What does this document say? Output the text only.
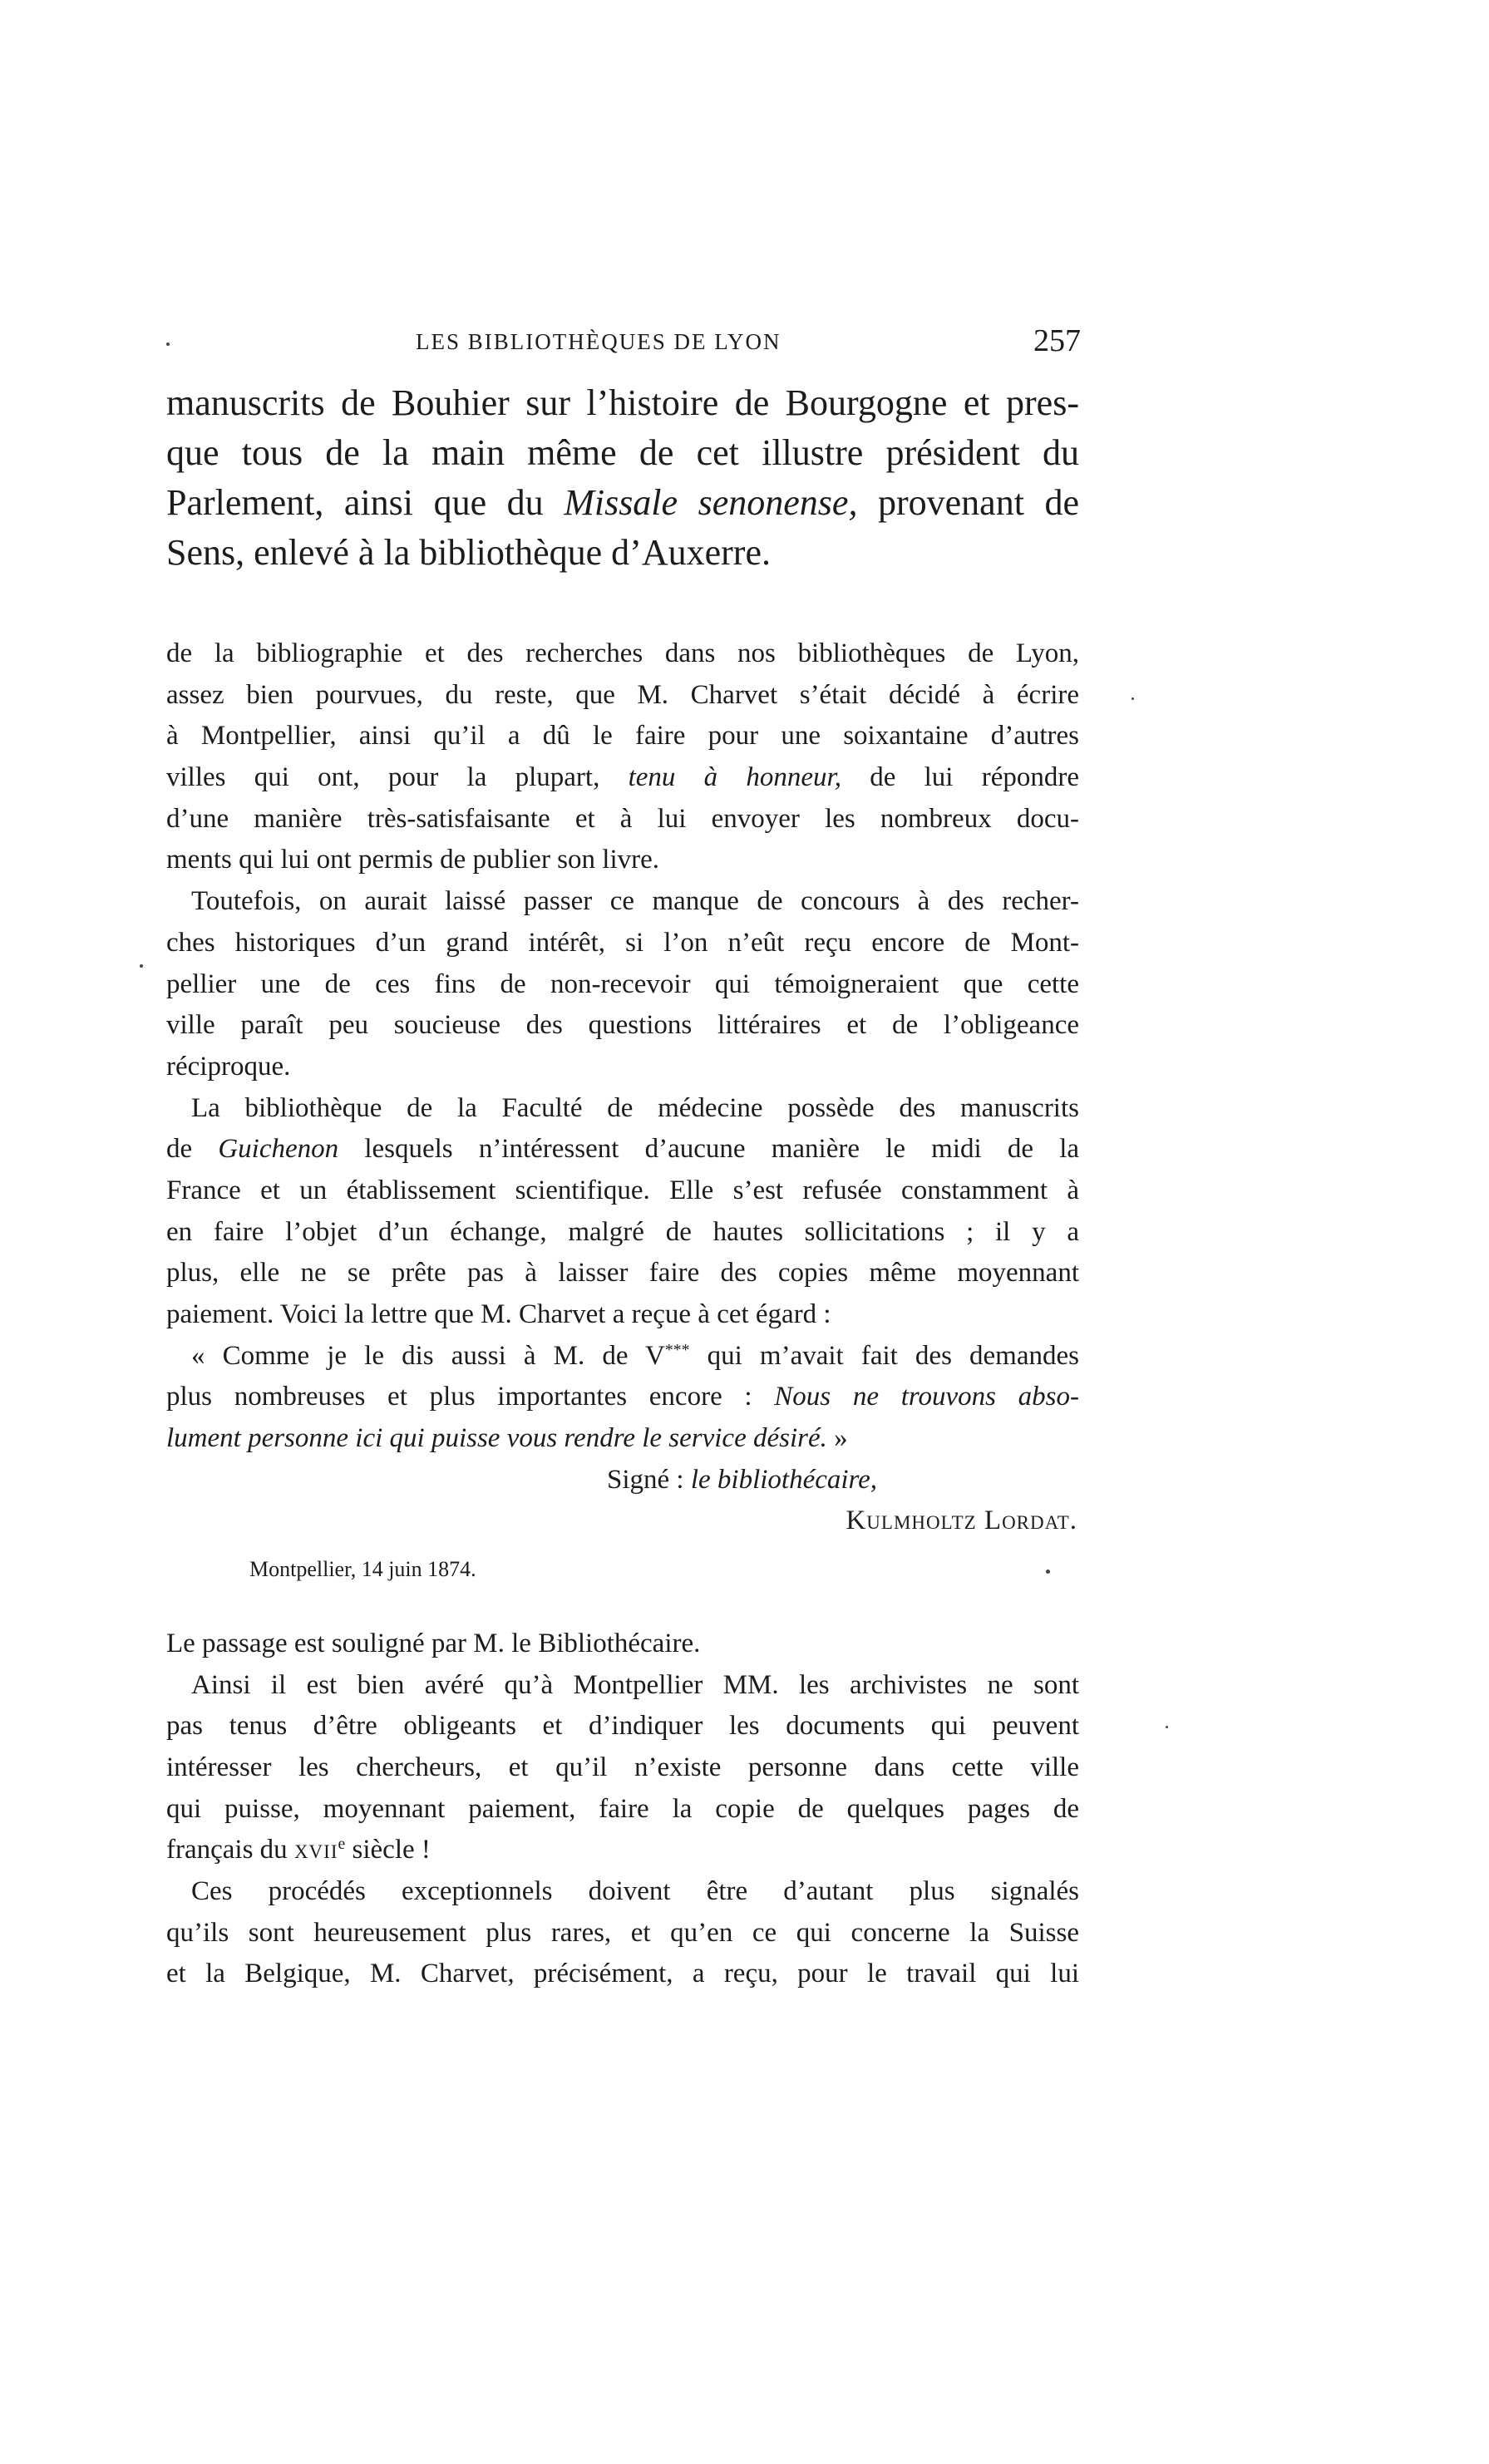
LES BIBLIOTHÈQUES DE LYON	257
manuscrits de Bouhier sur l’histoire de Bourgogne et pres-
que tous de la main même de cet illustre président du
Parlement, ainsi que du Missale senonense, provenant de
Sens, enlevé à la bibliothèque d’Auxerre.
de la bibliographie et des recherches dans nos bibliothèques de Lyon,
assez bien pourvues, du reste, que M. Charvet s’était décidé à écrire
à Montpellier, ainsi qu’il a dû le faire pour une soixantaine d’autres
villes qui ont, pour la plupart, tenu à honneur, de lui répondre
d’une manière très-satisfaisante et à lui envoyer les nombreux docu-
ments qui lui ont permis de publier son livre.
Toutefois, on aurait laissé passer ce manque de concours à des recher-
ches historiques d’un grand intérêt, si l’on n’eût reçu encore de Mont-
pellier une de ces fins de non-recevoir qui témoigneraient que cette
ville paraît peu soucieuse des questions littéraires et de l’obligeance
réciproque.
La bibliothèque de la Faculté de médecine possède des manuscrits
de Guichenon lesquels n’intéressent d’aucune manière le midi de la
France et un établissement scientifique. Elle s’est refusée constamment à
en faire l’objet d’un échange, malgré de hautes sollicitations ; il y a
plus, elle ne se prête pas à laisser faire des copies même moyennant
paiement. Voici la lettre que M. Charvet a reçue à cet égard :
« Comme je le dis aussi à M. de V*** qui m’avait fait des demandes
plus nombreuses et plus importantes encore : Nous ne trouvons abso-
lument personne ici qui puisse vous rendre le service désiré. »
Signé : le bibliothécaire,
Kulmholtz Lordat.
Montpellier, 14 juin 1874.
Le passage est souligné par M. le Bibliothécaire.
Ainsi il est bien avéré qu’à Montpellier MM. les archivistes ne sont
pas tenus d’être obligeants et d’indiquer les documents qui peuvent
intéresser les chercheurs, et qu’il n’existe personne dans cette ville
qui puisse, moyennant paiement, faire la copie de quelques pages de
français du xvii$^e$ siècle !
Ces procédés exceptionnels doivent être d’autant plus signalés
qu’ils sont heureusement plus rares, et qu’en ce qui concerne la Suisse
et la Belgique, M. Charvet, précisément, a reçu, pour le travail qui lui
